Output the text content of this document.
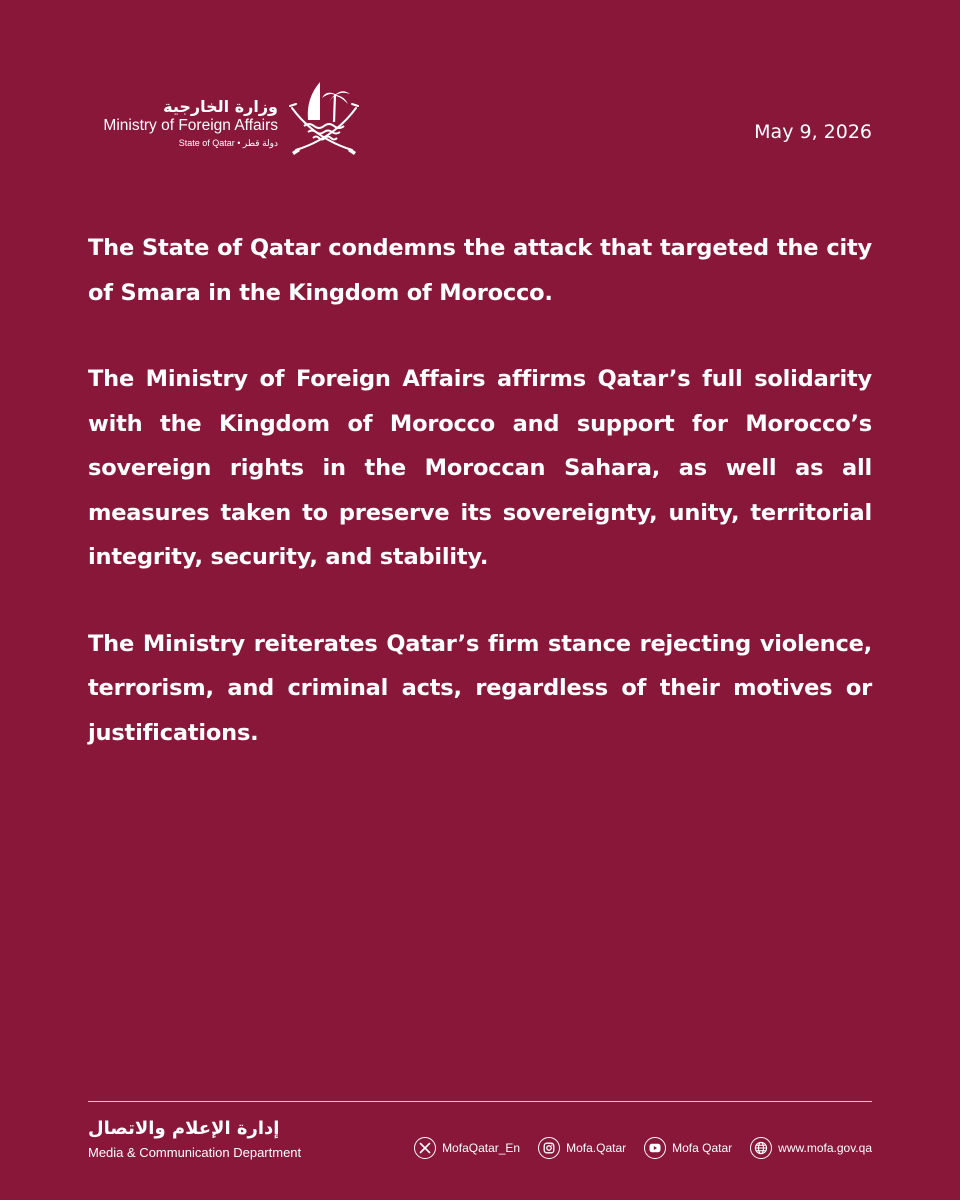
وزارة الخارجية
Ministry of Foreign Affairs
State of Qatar • دولة قطر	May 9, 2026

The State of Qatar condemns the attack that targeted the city of Smara in the Kingdom of Morocco.

The Ministry of Foreign Affairs affirms Qatar’s full solidarity with the Kingdom of Morocco and support for Morocco’s sovereign rights in the Moroccan Sahara, as well as all measures taken to preserve its sovereignty, unity, territorial integrity, security, and stability.

The Ministry reiterates Qatar’s firm stance rejecting violence, terrorism, and criminal acts, regardless of their motives or justifications.

إدارة الإعلام والاتصال
Media & Communication Department	MofaQatar_En	Mofa.Qatar	Mofa Qatar	www.mofa.gov.qa
